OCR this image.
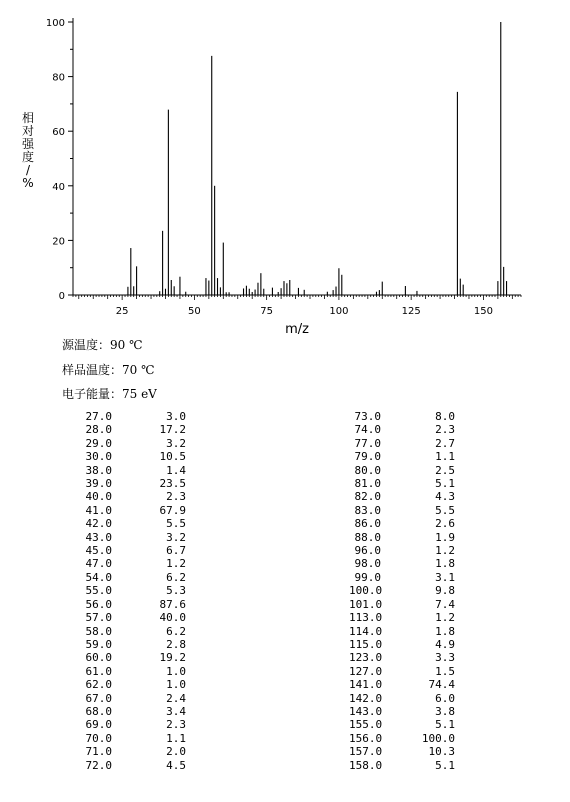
0
20
40
60
80
100
25	50	75	100	125	150
m/z
相
对
强
度
/
%
源温度：90 ℃
样品温度：70 ℃
电子能量：75 eV
27.0	3.0
28.0	17.2
29.0	3.2
30.0	10.5
38.0	1.4
39.0	23.5
40.0	2.3
41.0	67.9
42.0	5.5
43.0	3.2
45.0	6.7
47.0	1.2
54.0	6.2
55.0	5.3
56.0	87.6
57.0	40.0
58.0	6.2
59.0	2.8
60.0	19.2
61.0	1.0
62.0	1.0
67.0	2.4
68.0	3.4
69.0	2.3
70.0	1.1
71.0	2.0
72.0	4.5
73.0	8.0
74.0	2.3
77.0	2.7
79.0	1.1
80.0	2.5
81.0	5.1
82.0	4.3
83.0	5.5
86.0	2.6
88.0	1.9
96.0	1.2
98.0	1.8
99.0	3.1
100.0	9.8
101.0	7.4
113.0	1.2
114.0	1.8
115.0	4.9
123.0	3.3
127.0	1.5
141.0	74.4
142.0	6.0
143.0	3.8
155.0	5.1
156.0	100.0
157.0	10.3
158.0	5.1
